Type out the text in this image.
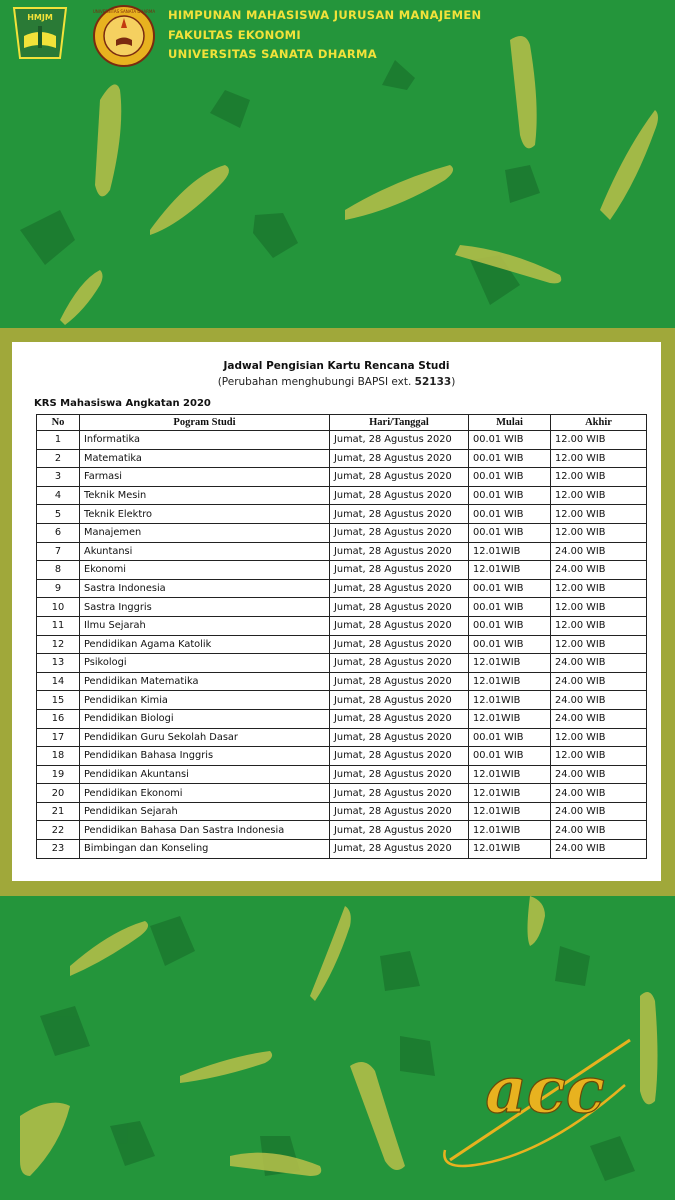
HMJM
UNIVERSITAS SANATA DHARMA HIMPUNAN MAHASISWA JURUSAN MANAJEMEN
FAKULTAS EKONOMI
UNIVERSITAS SANATA DHARMA
Jadwal Pengisian Kartu Rencana Studi
(Perubahan menghubungi BAPSI ext. 52133)
KRS Mahasiswa Angkatan 2020
No	Pogram Studi	Hari/Tanggal	Mulai	Akhir
1	Informatika	Jumat, 28 Agustus 2020	00.01 WIB	12.00 WIB
2	Matematika	Jumat, 28 Agustus 2020	00.01 WIB	12.00 WIB
3	Farmasi	Jumat, 28 Agustus 2020	00.01 WIB	12.00 WIB
4	Teknik Mesin	Jumat, 28 Agustus 2020	00.01 WIB	12.00 WIB
5	Teknik Elektro	Jumat, 28 Agustus 2020	00.01 WIB	12.00 WIB
6	Manajemen	Jumat, 28 Agustus 2020	00.01 WIB	12.00 WIB
7	Akuntansi	Jumat, 28 Agustus 2020	12.01WIB	24.00 WIB
8	Ekonomi	Jumat, 28 Agustus 2020	12.01WIB	24.00 WIB
9	Sastra Indonesia	Jumat, 28 Agustus 2020	00.01 WIB	12.00 WIB
10	Sastra Inggris	Jumat, 28 Agustus 2020	00.01 WIB	12.00 WIB
11	Ilmu Sejarah	Jumat, 28 Agustus 2020	00.01 WIB	12.00 WIB
12	Pendidikan Agama Katolik	Jumat, 28 Agustus 2020	00.01 WIB	12.00 WIB
13	Psikologi	Jumat, 28 Agustus 2020	12.01WIB	24.00 WIB
14	Pendidikan Matematika	Jumat, 28 Agustus 2020	12.01WIB	24.00 WIB
15	Pendidikan Kimia	Jumat, 28 Agustus 2020	12.01WIB	24.00 WIB
16	Pendidikan Biologi	Jumat, 28 Agustus 2020	12.01WIB	24.00 WIB
17	Pendidikan Guru Sekolah Dasar	Jumat, 28 Agustus 2020	00.01 WIB	12.00 WIB
18	Pendidikan Bahasa Inggris	Jumat, 28 Agustus 2020	00.01 WIB	12.00 WIB
19	Pendidikan Akuntansi	Jumat, 28 Agustus 2020	12.01WIB	24.00 WIB
20	Pendidikan Ekonomi	Jumat, 28 Agustus 2020	12.01WIB	24.00 WIB
21	Pendidikan Sejarah	Jumat, 28 Agustus 2020	12.01WIB	24.00 WIB
22	Pendidikan Bahasa Dan Sastra Indonesia	Jumat, 28 Agustus 2020	12.01WIB	24.00 WIB
23	Bimbingan dan Konseling	Jumat, 28 Agustus 2020	12.01WIB	24.00 WIB
acc
